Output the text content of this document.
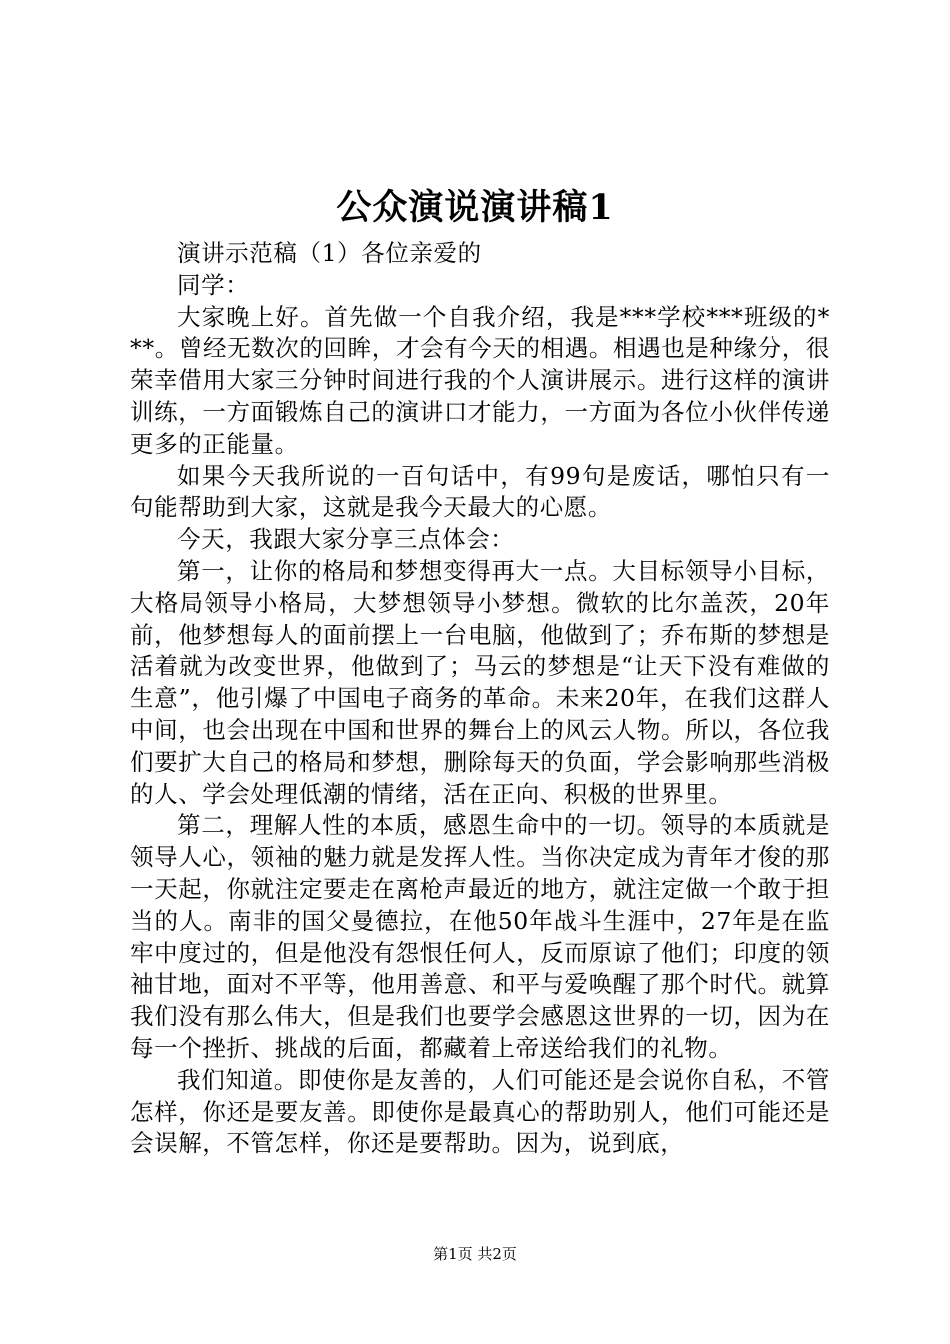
公众演说演讲稿1

演讲示范稿（1）各位亲爱的

同学：

大家晚上好。首先做一个自我介绍，我是***学校***班级的***。曾经无数次的回眸，才会有今天的相遇。相遇也是种缘分，很荣幸借用大家三分钟时间进行我的个人演讲展示。进行这样的演讲训练，一方面锻炼自己的演讲口才能力，一方面为各位小伙伴传递更多的正能量。

如果今天我所说的一百句话中，有99句是废话，哪怕只有一句能帮助到大家，这就是我今天最大的心愿。

今天，我跟大家分享三点体会：

第一，让你的格局和梦想变得再大一点。大目标领导小目标，大格局领导小格局，大梦想领导小梦想。微软的比尔盖茨，20年前，他梦想每人的面前摆上一台电脑，他做到了；乔布斯的梦想是活着就为改变世界，他做到了；马云的梦想是“让天下没有难做的生意”，他引爆了中国电子商务的革命。未来20年，在我们这群人中间，也会出现在中国和世界的舞台上的风云人物。所以，各位我们要扩大自己的格局和梦想，删除每天的负面，学会影响那些消极的人、学会处理低潮的情绪，活在正向、积极的世界里。

第二，理解人性的本质，感恩生命中的一切。领导的本质就是领导人心，领袖的魅力就是发挥人性。当你决定成为青年才俊的那一天起，你就注定要走在离枪声最近的地方，就注定做一个敢于担当的人。南非的国父曼德拉，在他50年战斗生涯中，27年是在监牢中度过的，但是他没有怨恨任何人，反而原谅了他们；印度的领袖甘地，面对不平等，他用善意、和平与爱唤醒了那个时代。就算我们没有那么伟大，但是我们也要学会感恩这世界的一切，因为在每一个挫折、挑战的后面，都藏着上帝送给我们的礼物。

我们知道。即使你是友善的，人们可能还是会说你自私，不管怎样，你还是要友善。即使你是最真心的帮助别人，他们可能还是会误解，不管怎样，你还是要帮助。因为，说到底，

第1页 共2页
